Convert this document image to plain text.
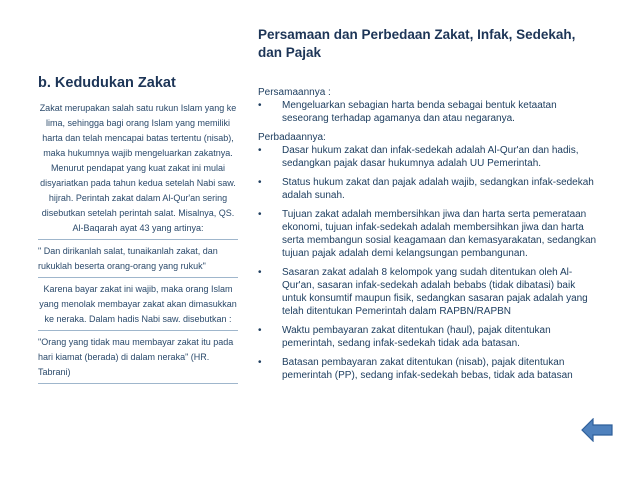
b. Kedudukan Zakat

Zakat merupakan salah satu rukun Islam yang ke lima, sehingga bagi orang Islam yang memiliki harta dan telah mencapai batas tertentu (nisab), maka hukumnya wajib mengeluarkan zakatnya. Menurut pendapat yang kuat zakat ini mulai disyariatkan pada tahun kedua setelah Nabi saw. hijrah. Perintah zakat dalam Al-Qur'an sering disebutkan setelah perintah salat. Misalnya, QS. Al-Baqarah ayat 43 yang artinya:

" Dan dirikanlah salat, tunaikanlah zakat, dan rukuklah beserta orang-orang yang rukuk"

Karena bayar zakat ini wajib, maka orang Islam yang menolak membayar zakat akan dimasukkan ke neraka. Dalam hadis Nabi saw. disebutkan :

"Orang yang tidak mau membayar zakat itu pada hari kiamat (berada) di dalam neraka" (HR. Tabrani)

Persamaan dan Perbedaan Zakat, Infak, Sedekah, dan Pajak

Persamaannya :

• Mengeluarkan sebagian harta benda sebagai bentuk ketaatan seseorang terhadap agamanya dan atau negaranya.

Perbadaannya:

• Dasar hukum zakat dan infak-sedekah adalah Al-Qur'an dan hadis, sedangkan pajak dasar hukumnya adalah UU Pemerintah.
• Status hukum zakat dan pajak adalah wajib, sedangkan infak-sedekah adalah sunah.
• Tujuan zakat adalah membersihkan jiwa dan harta serta pemerataan ekonomi, tujuan infak-sedekah adalah membersihkan jiwa dan harta serta membangun sosial keagamaan dan kemasyarakatan, sedangkan tujuan pajak adalah demi kelangsungan pembangunan.
• Sasaran zakat adalah 8 kelompok yang sudah ditentukan oleh Al-Qur'an, sasaran infak-sedekah adalah bebabs (tidak dibatasi) baik untuk konsumtif maupun fisik, sedangkan sasaran pajak adalah yang telah ditentukan Pemerintah dalam RAPBN/RAPBN
• Waktu pembayaran zakat ditentukan (haul), pajak ditentukan pemerintah, sedang infak-sedekah tidak ada batasan.
• Batasan pembayaran zakat ditentukan (nisab), pajak ditentukan pemerintah (PP), sedang infak-sedekah bebas, tidak ada batasan
